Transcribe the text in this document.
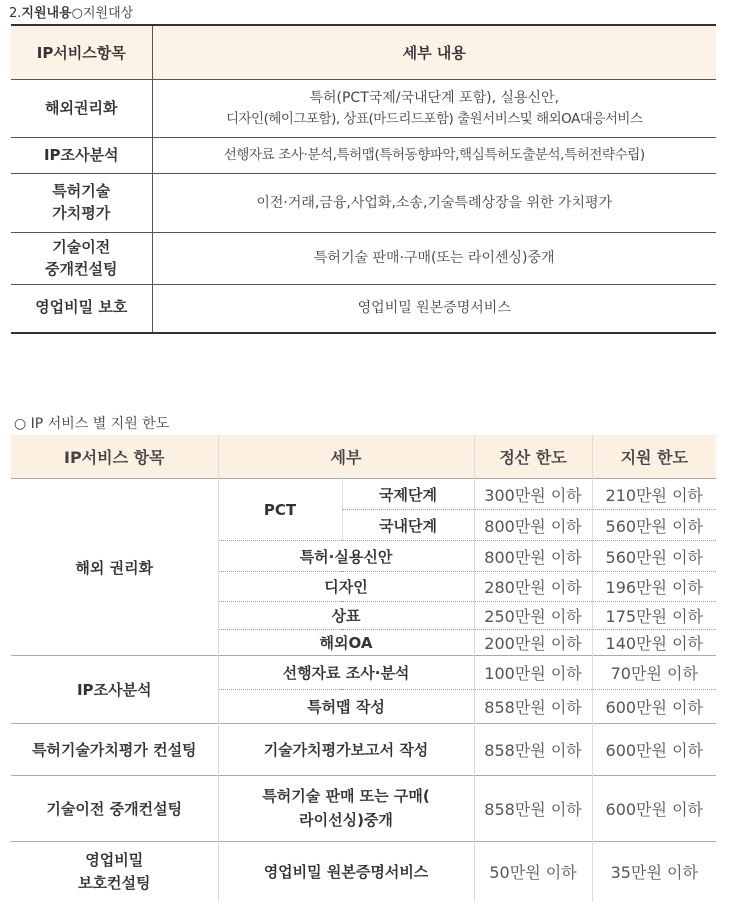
2.지원내용○지원대상
IP서비스항목	세부 내용
해외권리화	특허(PCT국제/국내단계 포함), 실용신안,
디자인(헤이그포함), 상표(마드리드포함) 출원서비스및 해외OA대응서비스

IP조사분석	선행자료 조사·분석,특허맵(특허동향파악,핵심특허도출분석,특허전략수립)

특허기술
가치평가	이전·거래,금융,사업화,소송,기술특례상장을 위한 가치평가

기술이전
중개컨설팅	특허기술 판매·구매(또는 라이센싱)중개
영업비밀 보호	영업비밀 원본증명서비스
○ IP 서비스 별 지원 한도
IP서비스 항목	세부		정산 한도	지원 한도
해외 권리화	PCT	국제단계	300만원 이하	210만원 이하
		국내단계	800만원 이하	560만원 이하
	특허·실용신안		800만원 이하	560만원 이하
	디자인		280만원 이하	196만원 이하
	상표		250만원 이하	175만원 이하
	해외OA		200만원 이하	140만원 이하
IP조사분석	선행자료 조사·분석		100만원 이하	70만원 이하
	특허맵 작성		858만원 이하	600만원 이하
특허기술가치평가 컨설팅	기술가치평가보고서 작성		858만원 이하	600만원 이하
기술이전 중개컨설팅	특허기술 판매 또는 구매(
라이선싱)중개		858만원 이하	600만원 이하

영업비밀
보호컨설팅	영업비밀 원본증명서비스		50만원 이하	35만원 이하
